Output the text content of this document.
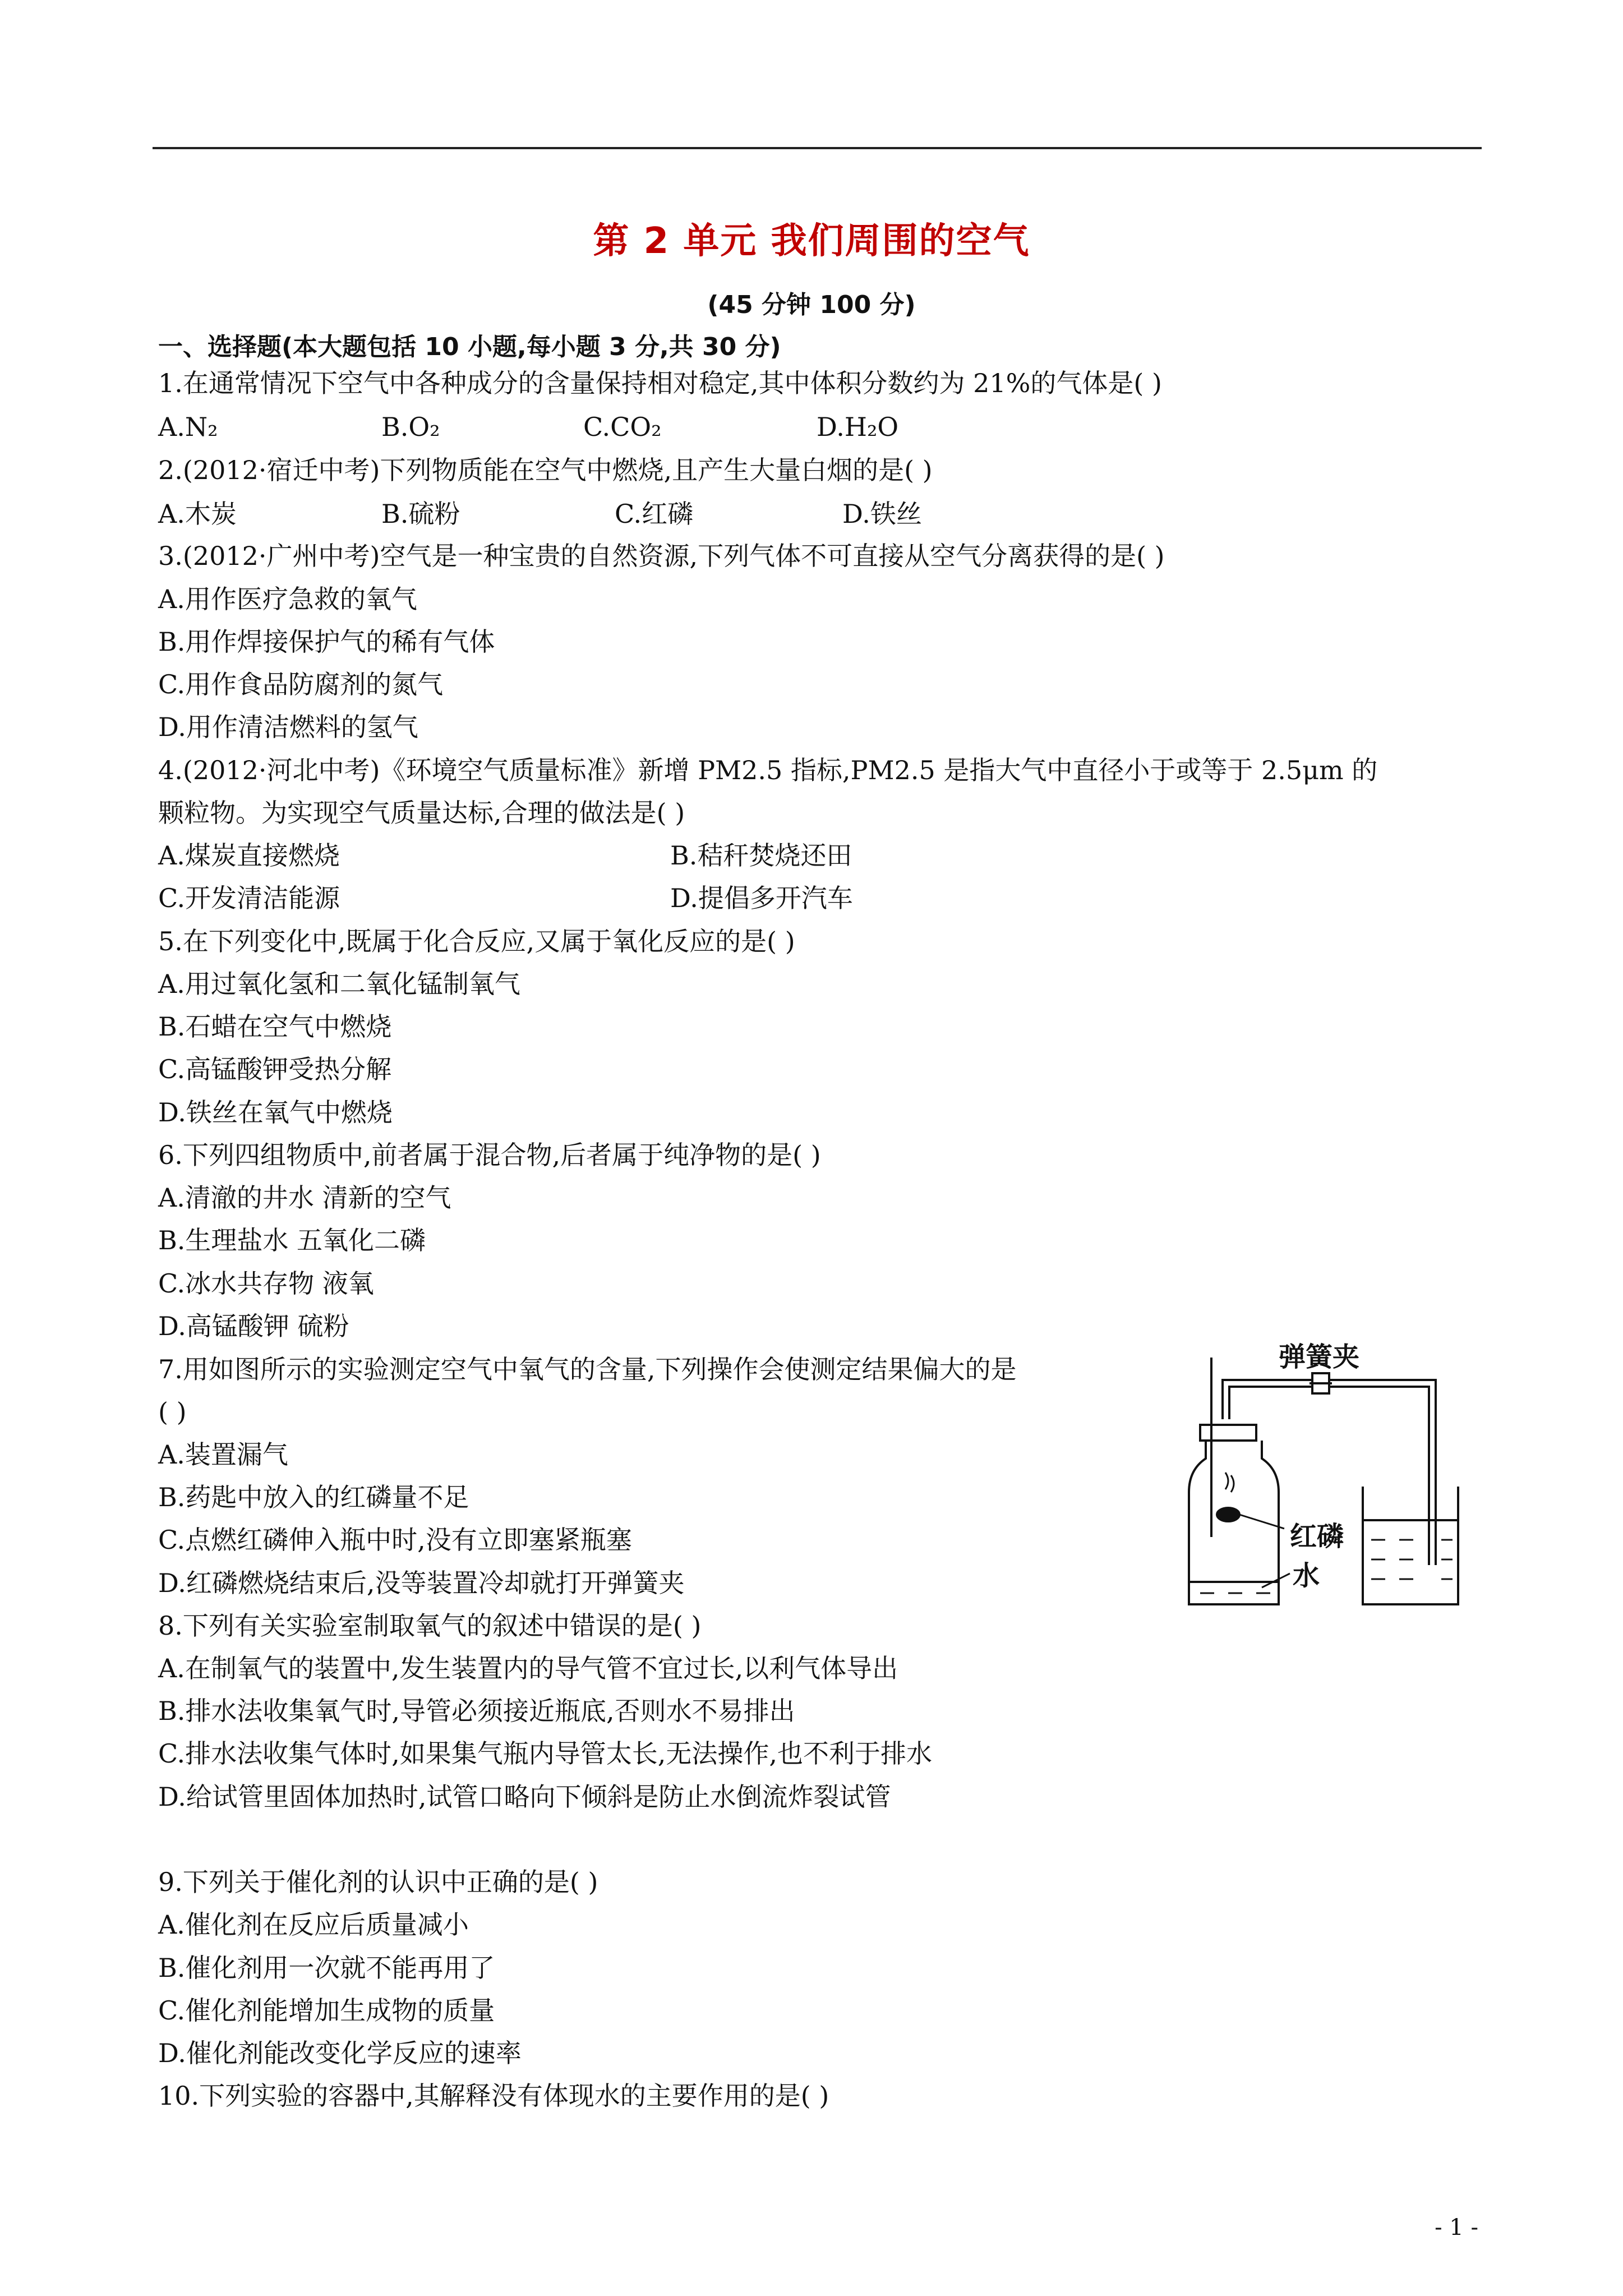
第 2 单元 我们周围的空气
(45 分钟 100 分)
一、选择题(本大题包括 10 小题,每小题 3 分,共 30 分)
1.在通常情况下空气中各种成分的含量保持相对稳定,其中体积分数约为 21%的气体是( )
A.N₂	B.O₂	C.CO₂	D.H₂O
2.(2012·宿迁中考)下列物质能在空气中燃烧,且产生大量白烟的是( )
A.木炭	B.硫粉	C.红磷	D.铁丝
3.(2012·广州中考)空气是一种宝贵的自然资源,下列气体不可直接从空气分离获得的是( )
A.用作医疗急救的氧气
B.用作焊接保护气的稀有气体
C.用作食品防腐剂的氮气
D.用作清洁燃料的氢气
4.(2012·河北中考)《环境空气质量标准》新增 PM2.5 指标,PM2.5 是指大气中直径小于或等于 2.5μm 的
颗粒物。为实现空气质量达标,合理的做法是( )
A.煤炭直接燃烧	B.秸秆焚烧还田
C.开发清洁能源	D.提倡多开汽车
5.在下列变化中,既属于化合反应,又属于氧化反应的是( )
A.用过氧化氢和二氧化锰制氧气
B.石蜡在空气中燃烧
C.高锰酸钾受热分解
D.铁丝在氧气中燃烧
6.下列四组物质中,前者属于混合物,后者属于纯净物的是( )
A.清澈的井水 清新的空气
B.生理盐水 五氧化二磷
C.冰水共存物 液氧
D.高锰酸钾 硫粉
7.用如图所示的实验测定空气中氧气的含量,下列操作会使测定结果偏大的是
( )
A.装置漏气
B.药匙中放入的红磷量不足
C.点燃红磷伸入瓶中时,没有立即塞紧瓶塞
D.红磷燃烧结束后,没等装置冷却就打开弹簧夹
弹簧夹
红磷
水
8.下列有关实验室制取氧气的叙述中错误的是( )
A.在制氧气的装置中,发生装置内的导气管不宜过长,以利气体导出
B.排水法收集氧气时,导管必须接近瓶底,否则水不易排出
C.排水法收集气体时,如果集气瓶内导管太长,无法操作,也不利于排水
D.给试管里固体加热时,试管口略向下倾斜是防止水倒流炸裂试管
9.下列关于催化剂的认识中正确的是( )
A.催化剂在反应后质量减小
B.催化剂用一次就不能再用了
C.催化剂能增加生成物的质量
D.催化剂能改变化学反应的速率
10.下列实验的容器中,其解释没有体现水的主要作用的是( )
- 1 -
